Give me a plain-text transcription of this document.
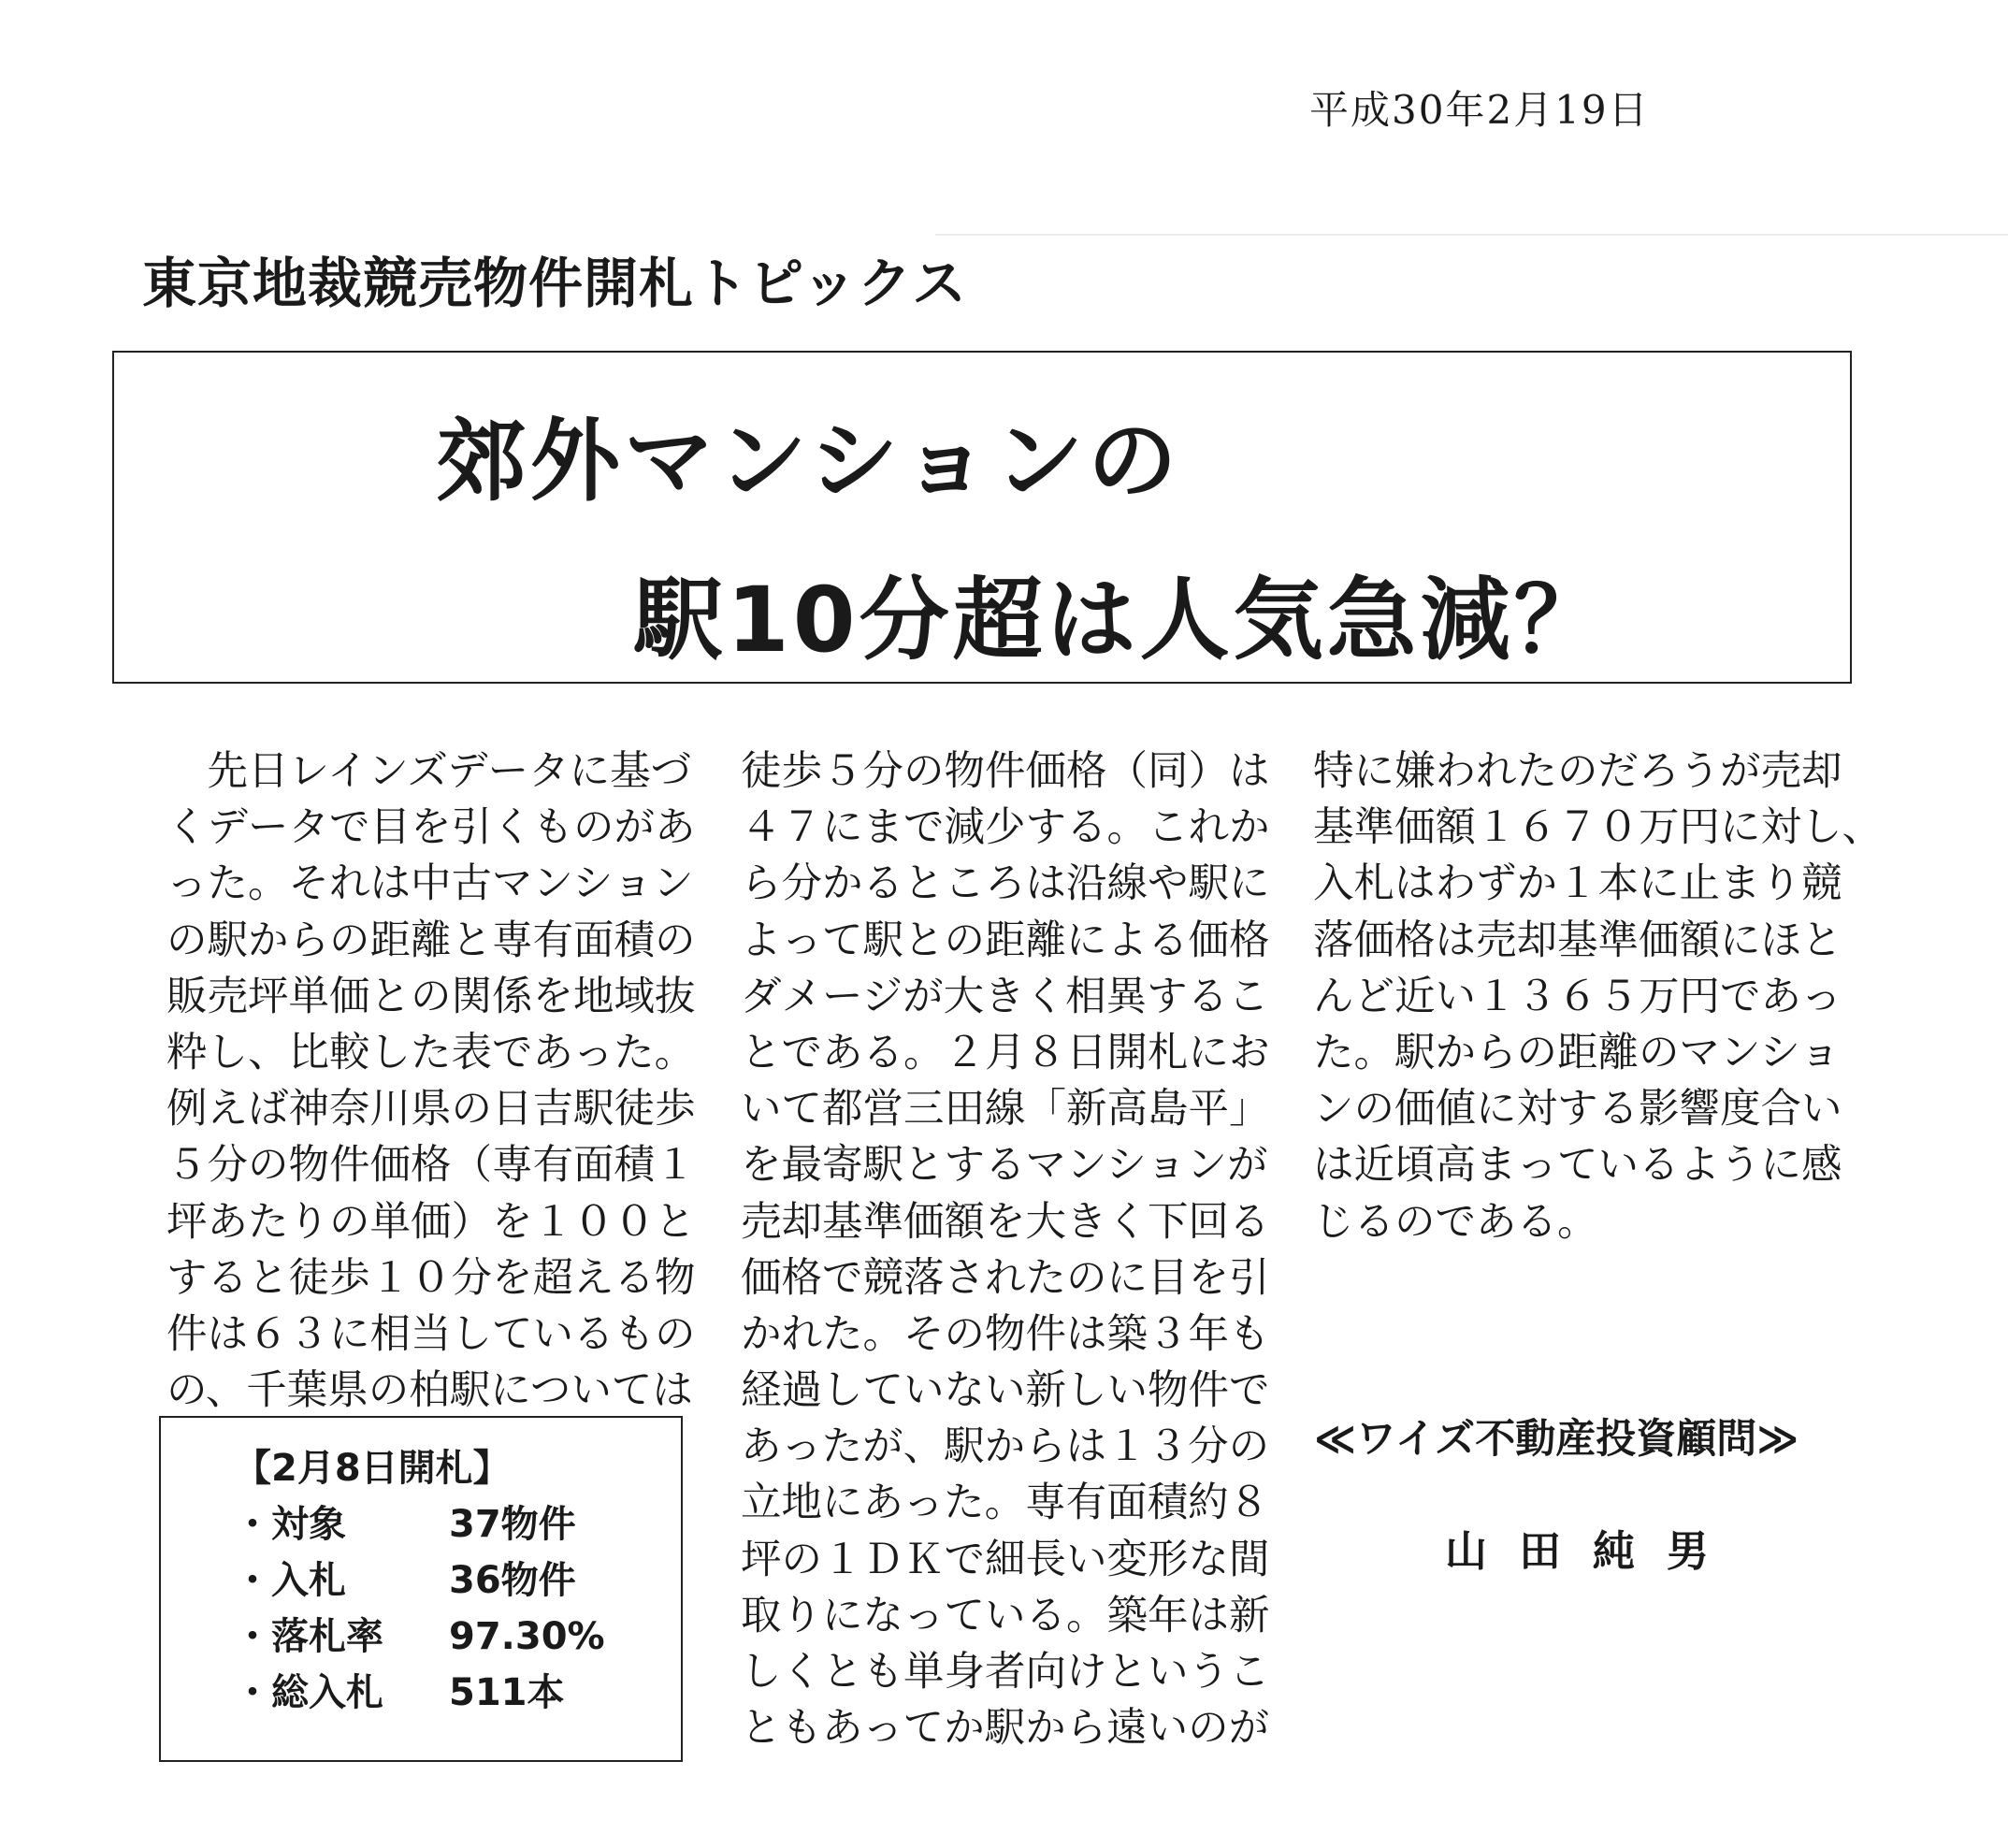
平成30年2月19日
東京地裁競売物件開札トピックス
郊外マンションの
駅10分超は人気急減？
　先日レインズデータに基づ
くデータで目を引くものがあ
った。それは中古マンション
の駅からの距離と専有面積の
販売坪単価との関係を地域抜
粋し、比較した表であった。
例えば神奈川県の日吉駅徒歩
５分の物件価格（専有面積１
坪あたりの単価）を１００と
すると徒歩１０分を超える物
件は６３に相当しているもの
の、千葉県の柏駅については
徒歩５分の物件価格（同）は
４７にまで減少する。これか
ら分かるところは沿線や駅に
よって駅との距離による価格
ダメージが大きく相異するこ
とである。２月８日開札にお
いて都営三田線「新高島平」
を最寄駅とするマンションが
売却基準価額を大きく下回る
価格で競落されたのに目を引
かれた。その物件は築３年も
経過していない新しい物件で
あったが、駅からは１３分の
立地にあった。専有面積約８
坪の１ＤＫで細長い変形な間
取りになっている。築年は新
しくとも単身者向けというこ
ともあってか駅から遠いのが
特に嫌われたのだろうが売却
基準価額１６７０万円に対し、
入札はわずか１本に止まり競
落価格は売却基準価額にほと
んど近い１３６５万円であっ
た。駅からの距離のマンショ
ンの価値に対する影響度合い
は近頃高まっているように感
じるのである。
【2月8日開札】
・対象	37物件
・入札	36物件
・落札率 97.30%
・総入札 511本
≪ワイズ不動産投資顧問≫
山田純男
